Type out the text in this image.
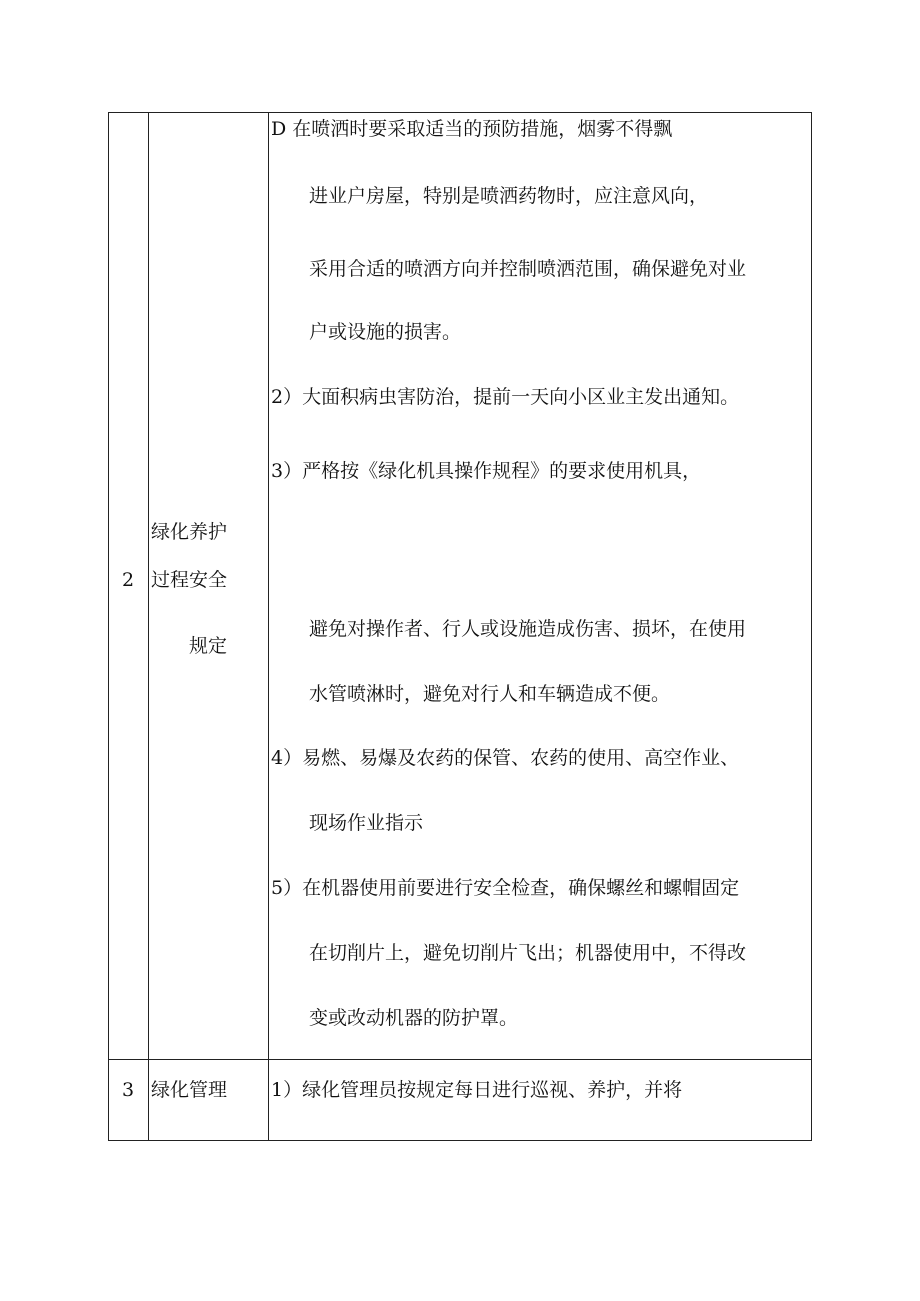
2
绿化养护
过程安全
规定
D 在喷洒时要采取适当的预防措施，烟雾不得飘
进业户房屋，特别是喷洒药物时，应注意风向，
采用合适的喷洒方向并控制喷洒范围，确保避免对业
户或设施的损害。
2）大面积病虫害防治，提前一天向小区业主发出通知。
3）严格按《绿化机具操作规程》的要求使用机具，
避免对操作者、行人或设施造成伤害、损坏，在使用
水管喷淋时，避免对行人和车辆造成不便。
4）易燃、易爆及农药的保管、农药的使用、高空作业、
现场作业指示
5）在机器使用前要进行安全检查，确保螺丝和螺帽固定
在切削片上，避免切削片飞出；机器使用中，不得改
变或改动机器的防护罩。
3 绿化管理 1）绿化管理员按规定每日进行巡视、养护，并将
